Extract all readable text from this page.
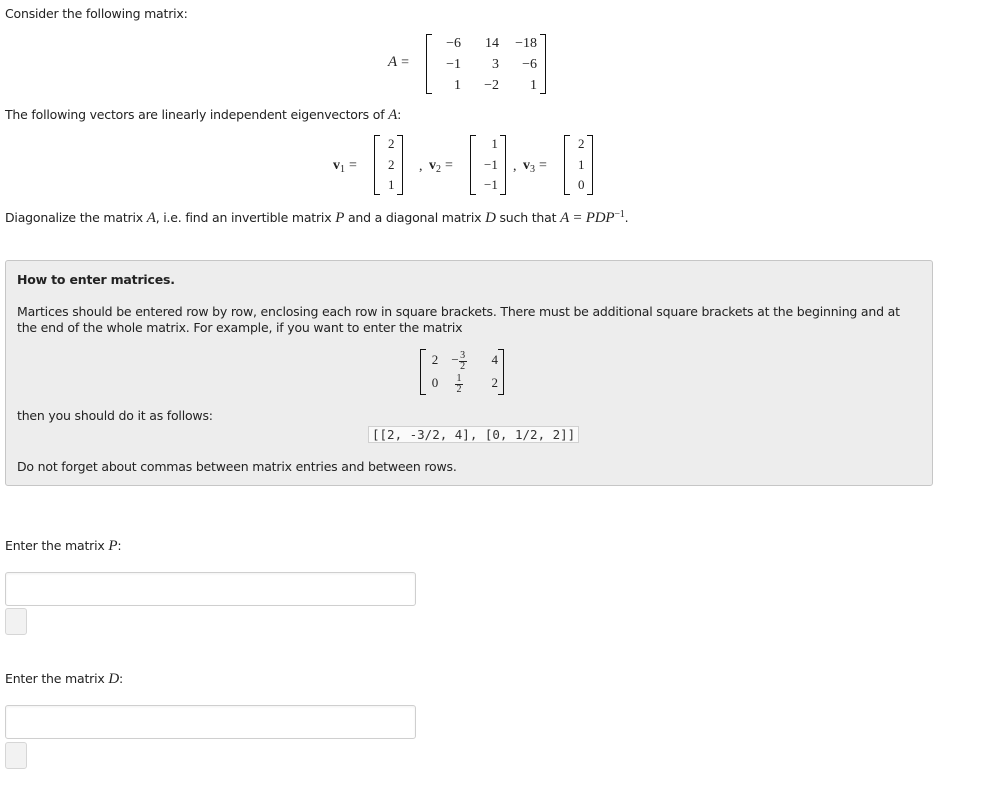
Consider the following matrix:
A =
−6	14	−18
−1	3	−6
1	−2	1
The following vectors are linearly independent eigenvectors of A:
$v_1$ =
2
2
1
, $v_2$ =
1
−1
−1
, $v_3$ =
2
1
0
Diagonalize the matrix A, i.e. find an invertible matrix P and a diagonal matrix D such that $A = PDP^{-1}$.
How to enter matrices.
Martices should be entered row by row, enclosing each row in square brackets. There must be additional square brackets at the beginning and at the end of the whole matrix. For example, if you want to enter the matrix
2	− $\frac{3}{2}$	4
0	$\frac{1}{2}$	2
then you should do it as follows:
[[2, -3/2, 4], [0, 1/2, 2]]
Do not forget about commas between matrix entries and between rows.
Enter the matrix P:
Enter the matrix D:
